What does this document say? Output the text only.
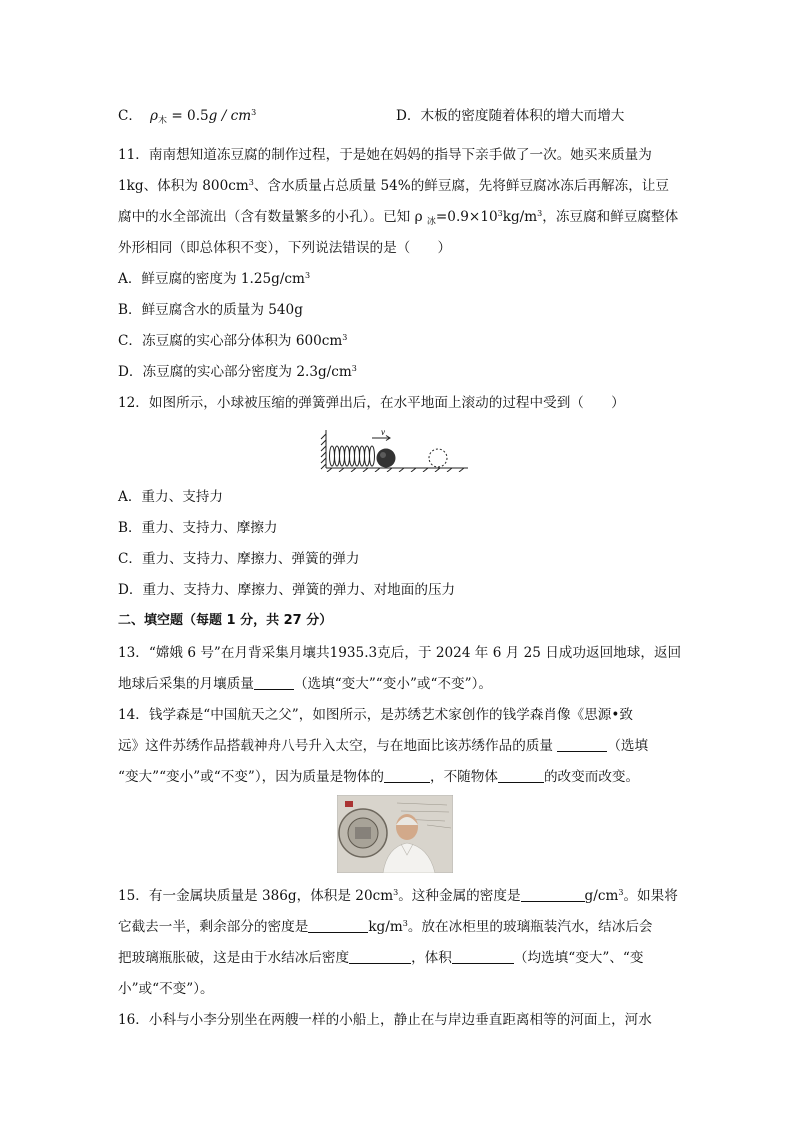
C． $\rho_木 = 0.5g / cm^3$	D．木板的密度随着体积的增大而增大
11．南南想知道冻豆腐的制作过程，于是她在妈妈的指导下亲手做了一次。她买来质量为
1kg、体积为 $800cm^3$、含水质量占总质量 54%的鲜豆腐，先将鲜豆腐冰冻后再解冻，让豆
腐中的水全部流出（含有数量繁多的小孔）。已知 ρ $_冰=0.9\times 10^3kg/m^3$，冻豆腐和鲜豆腐整体
外形相同（即总体积不变），下列说法错误的是（　　）
A．鲜豆腐的密度为 $1.25g/cm^3$
B．鲜豆腐含水的质量为 540g
C．冻豆腐的实心部分体积为 $600cm^3$
D．冻豆腐的实心部分密度为 $2.3g/cm^3$
12．如图所示，小球被压缩的弹簧弹出后，在水平地面上滚动的过程中受到（　　）
v
A．重力、支持力
B．重力、支持力、摩擦力
C．重力、支持力、摩擦力、弹簧的弹力
D．重力、支持力、摩擦力、弹簧的弹力、对地面的压力
二、填空题（每题 1 分，共 27 分）
13．“嫦娥 6 号”在月背采集月壤共1935.3克后，于 2024 年 6 月 25 日成功返回地球，返回
地球后采集的月壤质量	（选填“变大”“变小”或“不变”）。
14．钱学森是“中国航天之父”，如图所示，是苏绣艺术家创作的钱学森肖像《思源•致
远》这件苏绣作品搭载神舟八号升入太空，与在地面比该苏绣作品的质量	（选填
“变大”“变小”或“不变”），因为质量是物体的	，不随物体	的改变而改变。
15．有一金属块质量是 386g，体积是 $20cm^3$。这种金属的密度是	$g/cm^3$。如果将
它截去一半，剩余部分的密度是	$kg/m^3$。放在冰柜里的玻璃瓶装汽水，结冰后会
把玻璃瓶胀破，这是由于水结冰后密度	，体积	（均选填“变大”、“变
小”或“不变”）。
16．小科与小李分别坐在两艘一样的小船上，静止在与岸边垂直距离相等的河面上，河水
